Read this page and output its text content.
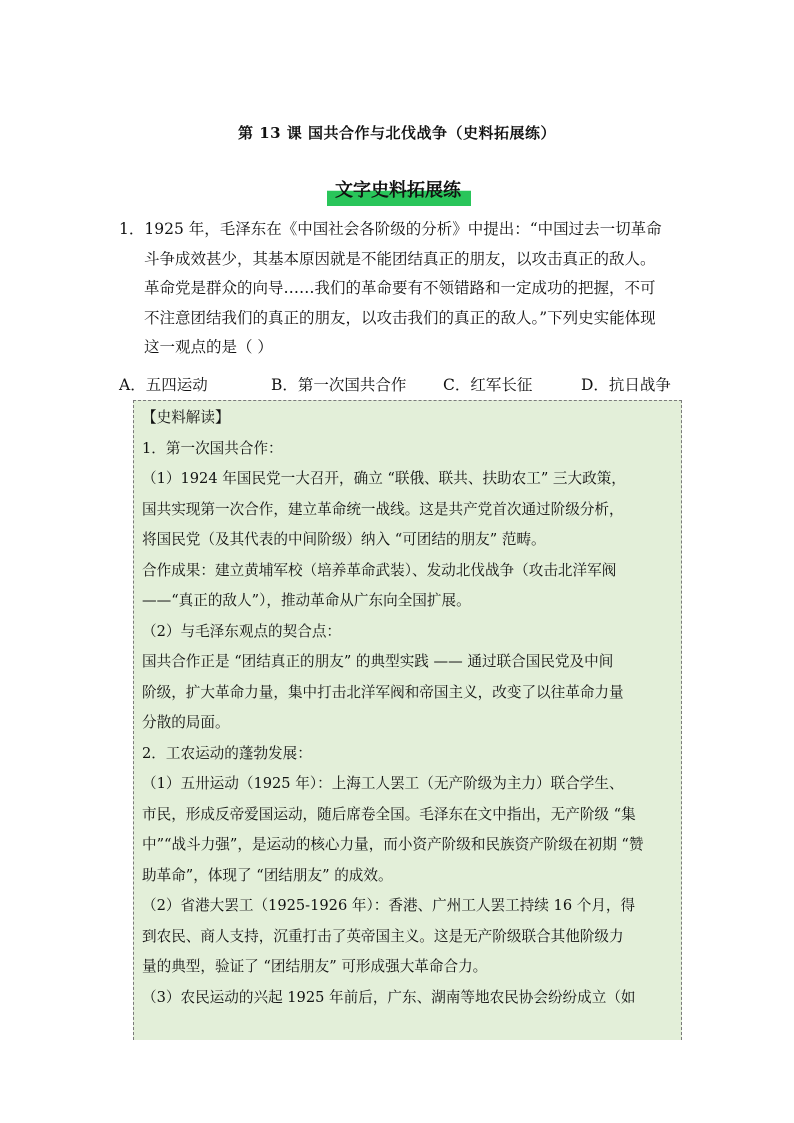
第 13 课 国共合作与北伐战争（史料拓展练）
文字史料拓展练
1．1925 年，毛泽东在《中国社会各阶级的分析》中提出：“中国过去一切革命
斗争成效甚少，其基本原因就是不能团结真正的朋友，以攻击真正的敌人。
革命党是群众的向导……我们的革命要有不领错路和一定成功的把握，不可
不注意团结我们的真正的朋友，以攻击我们的真正的敌人。”下列史实能体现
这一观点的是（ ）
A．五四运动	B．第一次国共合作 C．红军长征	D．抗日战争
【史料解读】
1．第一次国共合作：
（1）1924 年国民党一大召开，确立 “联俄、联共、扶助农工” 三大政策，
国共实现第一次合作，建立革命统一战线。这是共产党首次通过阶级分析，
将国民党（及其代表的中间阶级）纳入 “可团结的朋友” 范畴。
合作成果：建立黄埔军校（培养革命武装）、发动北伐战争（攻击北洋军阀
——“真正的敌人”），推动革命从广东向全国扩展。
（2）与毛泽东观点的契合点：
国共合作正是 “团结真正的朋友” 的典型实践 —— 通过联合国民党及中间
阶级，扩大革命力量，集中打击北洋军阀和帝国主义，改变了以往革命力量
分散的局面。
2．工农运动的蓬勃发展：
（1）五卅运动（1925 年）：上海工人罢工（无产阶级为主力）联合学生、
市民，形成反帝爱国运动，随后席卷全国。毛泽东在文中指出，无产阶级 “集
中”“战斗力强”，是运动的核心力量，而小资产阶级和民族资产阶级在初期 “赞
助革命”，体现了 “团结朋友” 的成效。
（2）省港大罢工（1925-1926 年）：香港、广州工人罢工持续 16 个月，得
到农民、商人支持，沉重打击了英帝国主义。这是无产阶级联合其他阶级力
量的典型，验证了 “团结朋友” 可形成强大革命合力。
（3）农民运动的兴起 1925 年前后，广东、湖南等地农民协会纷纷成立（如
